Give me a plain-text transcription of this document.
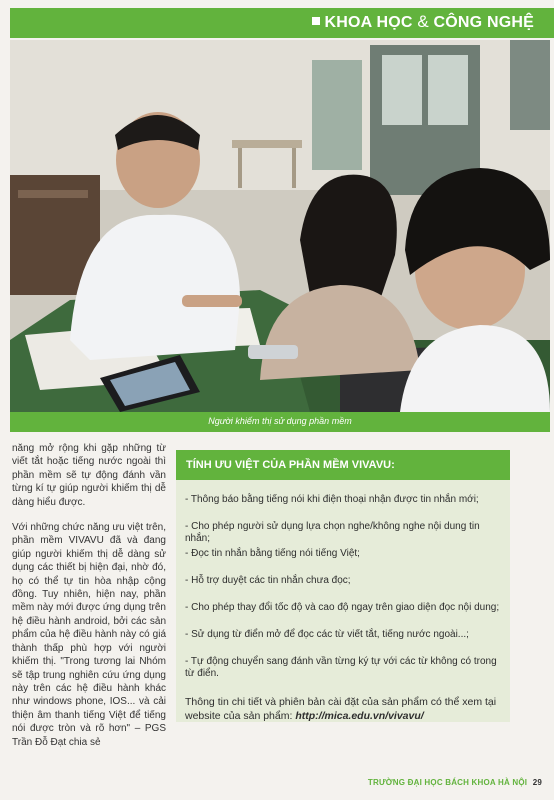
KHOA HỌC & CÔNG NGHỆ
Người khiếm thị sử dụng phần mềm

năng mở rộng khi gặp những từ viết tắt hoặc tiếng nước ngoài thì phần mềm sẽ tự động đánh vần từng kí tự giúp người khiếm thị dễ dàng hiểu được.

Với những chức năng ưu việt trên, phần mềm VIVAVU đã và đang giúp người khiếm thị dễ dàng sử dụng các thiết bị hiện đại, nhờ đó, họ có thể tự tin hòa nhập cộng đồng. Tuy nhiên, hiện nay, phần mềm này mới được ứng dụng trên hệ điều hành android, bởi các sản phẩm của hệ điều hành này có giá thành thấp phù hợp với người khiếm thị. "Trong tương lai Nhóm sẽ tập trung nghiên cứu ứng dụng này trên các hệ điều hành khác như windows phone, IOS... và cải thiện âm thanh tiếng Việt để tiếng nói được tròn và rõ hơn" – PGS Trần Đỗ Đạt chia sẻ

TÍNH ƯU VIỆT CỦA PHẦN MỀM VIVAVU:
- Thông báo bằng tiếng nói khi điện thoại nhận được tin nhắn mới;
- Cho phép người sử dụng lựa chọn nghe/không nghe nội dung tin nhắn;
- Đọc tin nhắn bằng tiếng nói tiếng Việt;
- Hỗ trợ duyệt các tin nhắn chưa đọc;
- Cho phép thay đổi tốc độ và cao độ ngay trên giao diện đọc nội dung;
- Sử dụng từ điển mở để đọc các từ viết tắt, tiếng nước ngoài...;
- Tự động chuyển sang đánh vần từng ký tự với các từ không có trong từ điển.
Thông tin chi tiết và phiên bản cài đặt của sản phẩm có thể xem tại website của sản phẩm: http://mica.edu.vn/vivavu/
TRƯỜNG ĐẠI HỌC BÁCH KHOA HÀ NỘI 29
